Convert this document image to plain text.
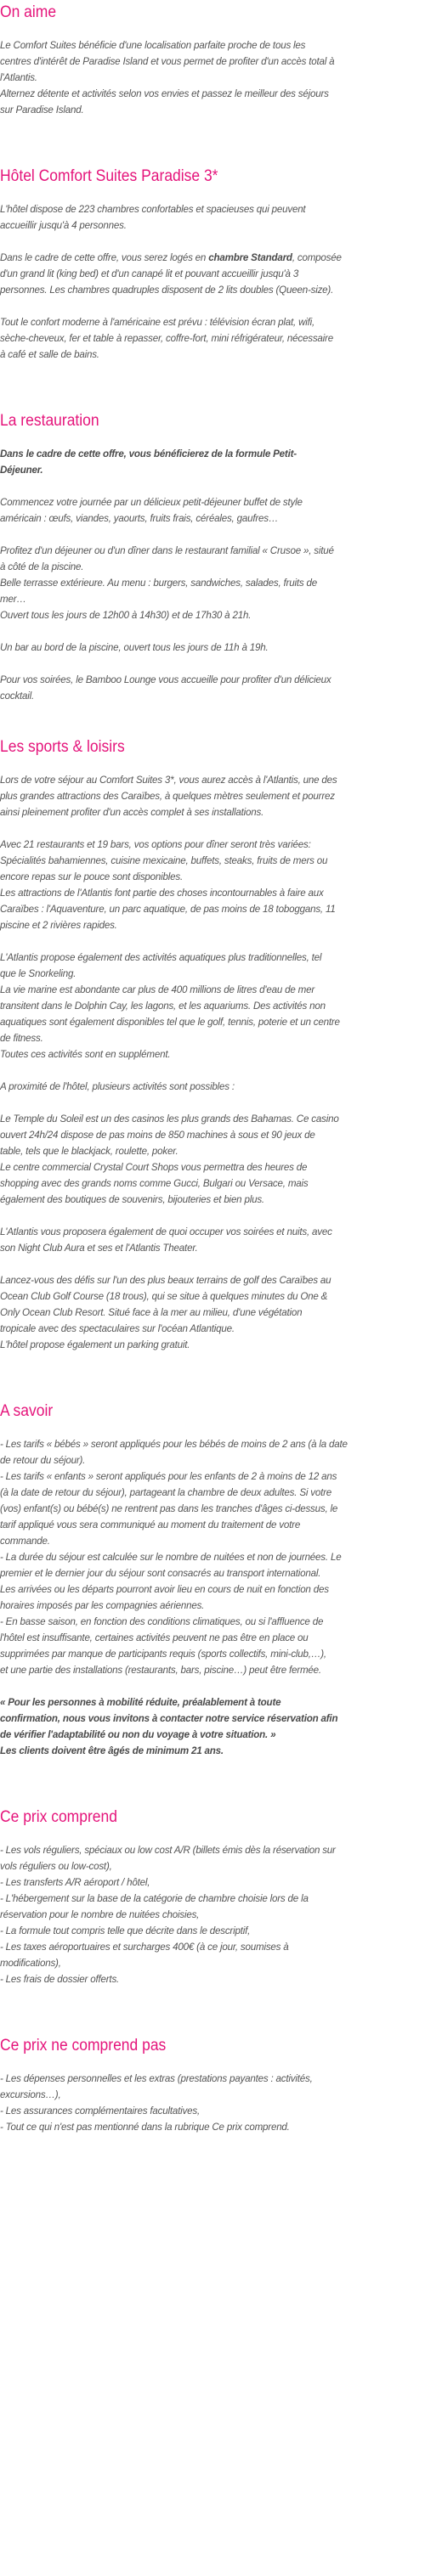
On aime

Le Comfort Suites bénéficie d'une localisation parfaite proche de tous les

centres d'intérêt de Paradise Island et vous permet de profiter d'un accès total à

l'Atlantis.

Alternez détente et activités selon vos envies et passez le meilleur des séjours

sur Paradise Island.

Hôtel Comfort Suites Paradise 3*

L'hôtel dispose de 223 chambres confortables et spacieuses qui peuvent

accueillir jusqu'à 4 personnes.

Dans le cadre de cette offre, vous serez logés en chambre Standard, composée

d'un grand lit (king bed) et d'un canapé lit et pouvant accueillir jusqu'à 3

personnes. Les chambres quadruples disposent de 2 lits doubles (Queen-size).

Tout le confort moderne à l'américaine est prévu : télévision écran plat, wifi,

sèche-cheveux, fer et table à repasser, coffre-fort, mini réfrigérateur, nécessaire

à café et salle de bains.

La restauration

Dans le cadre de cette offre, vous bénéficierez de la formule Petit-

Déjeuner.

Commencez votre journée par un délicieux petit-déjeuner buffet de style

américain : œufs, viandes, yaourts, fruits frais, céréales, gaufres…

Profitez d'un déjeuner ou d'un dîner dans le restaurant familial « Crusoe », situé

à côté de la piscine.

Belle terrasse extérieure. Au menu : burgers, sandwiches, salades, fruits de

mer…

Ouvert tous les jours de 12h00 à 14h30) et de 17h30 à 21h.

Un bar au bord de la piscine, ouvert tous les jours de 11h à 19h.

Pour vos soirées, le Bamboo Lounge vous accueille pour profiter d'un délicieux

cocktail.

Les sports & loisirs

Lors de votre séjour au Comfort Suites 3*, vous aurez accès à l'Atlantis, une des

plus grandes attractions des Caraïbes, à quelques mètres seulement et pourrez

ainsi pleinement profiter d'un accès complet à ses installations.

Avec 21 restaurants et 19 bars, vos options pour dîner seront très variées:

Spécialités bahamiennes, cuisine mexicaine, buffets, steaks, fruits de mers ou

encore repas sur le pouce sont disponibles.

Les attractions de l'Atlantis font partie des choses incontournables à faire aux

Caraïbes : l'Aquaventure, un parc aquatique, de pas moins de 18 toboggans, 11

piscine et 2 rivières rapides.

L'Atlantis propose également des activités aquatiques plus traditionnelles, tel

que le Snorkeling.

La vie marine est abondante car plus de 400 millions de litres d'eau de mer

transitent dans le Dolphin Cay, les lagons, et les aquariums. Des activités non

aquatiques sont également disponibles tel que le golf, tennis, poterie et un centre

de fitness.

Toutes ces activités sont en supplément.

A proximité de l'hôtel, plusieurs activités sont possibles :

Le Temple du Soleil est un des casinos les plus grands des Bahamas. Ce casino

ouvert 24h/24 dispose de pas moins de 850 machines à sous et 90 jeux de

table, tels que le blackjack, roulette, poker.

Le centre commercial Crystal Court Shops vous permettra des heures de

shopping avec des grands noms comme Gucci, Bulgari ou Versace, mais

également des boutiques de souvenirs, bijouteries et bien plus.

L'Atlantis vous proposera également de quoi occuper vos soirées et nuits, avec

son Night Club Aura et ses et l'Atlantis Theater.

Lancez-vous des défis sur l'un des plus beaux terrains de golf des Caraïbes au

Ocean Club Golf Course (18 trous), qui se situe à quelques minutes du One &

Only Ocean Club Resort. Situé face à la mer au milieu, d'une végétation

tropicale avec des spectaculaires sur l'océan Atlantique.

L'hôtel propose également un parking gratuit.

A savoir

- Les tarifs « bébés » seront appliqués pour les bébés de moins de 2 ans (à la date

de retour du séjour).

- Les tarifs « enfants » seront appliqués pour les enfants de 2 à moins de 12 ans

(à la date de retour du séjour), partageant la chambre de deux adultes. Si votre

(vos) enfant(s) ou bébé(s) ne rentrent pas dans les tranches d'âges ci-dessus, le

tarif appliqué vous sera communiqué au moment du traitement de votre

commande.

- La durée du séjour est calculée sur le nombre de nuitées et non de journées. Le

premier et le dernier jour du séjour sont consacrés au transport international.

Les arrivées ou les départs pourront avoir lieu en cours de nuit en fonction des

horaires imposés par les compagnies aériennes.

- En basse saison, en fonction des conditions climatiques, ou si l'affluence de

l'hôtel est insuffisante, certaines activités peuvent ne pas être en place ou

supprimées par manque de participants requis (sports collectifs, mini-club,…),

et une partie des installations (restaurants, bars, piscine…) peut être fermée.

« Pour les personnes à mobilité réduite, préalablement à toute

confirmation, nous vous invitons à contacter notre service réservation afin

de vérifier l'adaptabilité ou non du voyage à votre situation. »

Les clients doivent être âgés de minimum 21 ans.

Ce prix comprend

- Les vols réguliers, spéciaux ou low cost A/R (billets émis dès la réservation sur

vols réguliers ou low-cost),

- Les transferts A/R aéroport / hôtel,

- L'hébergement sur la base de la catégorie de chambre choisie lors de la

réservation pour le nombre de nuitées choisies,

- La formule tout compris telle que décrite dans le descriptif,

- Les taxes aéroportuaires et surcharges 400€ (à ce jour, soumises à

modifications),

- Les frais de dossier offerts.

Ce prix ne comprend pas

- Les dépenses personnelles et les extras (prestations payantes : activités,

excursions…),

- Les assurances complémentaires facultatives,

- Tout ce qui n'est pas mentionné dans la rubrique Ce prix comprend.
